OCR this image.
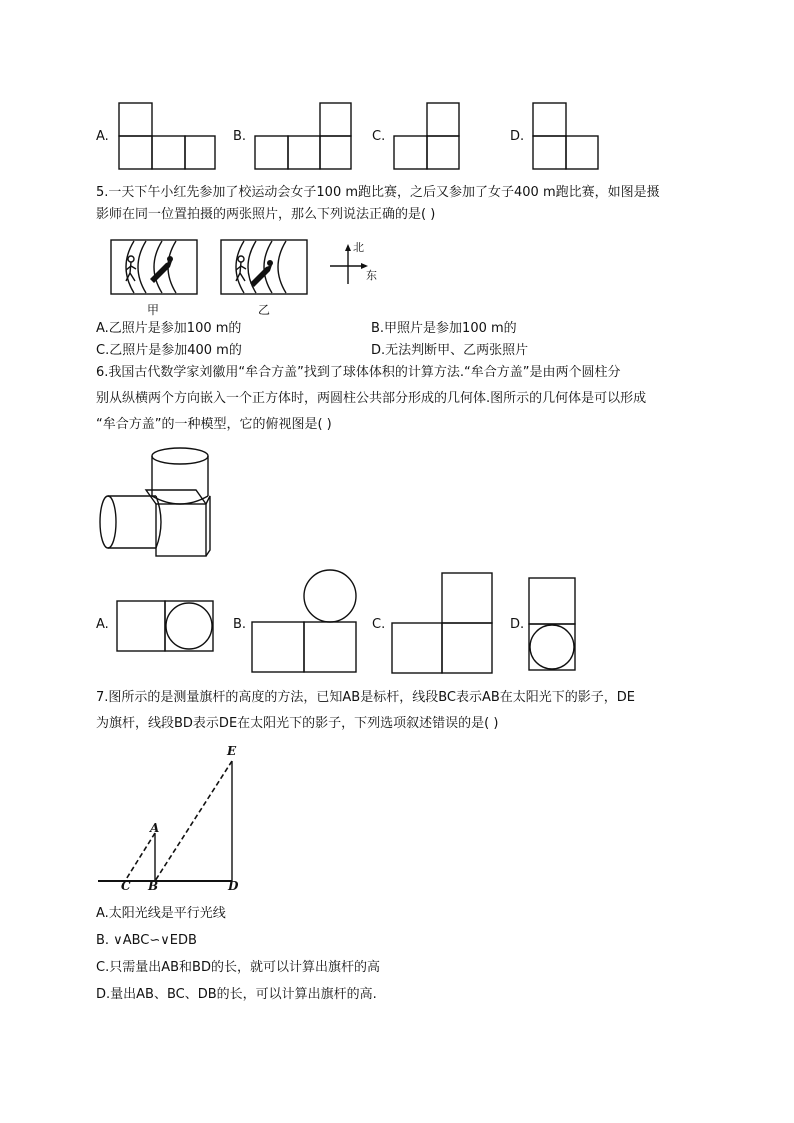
A.	B.	C.	D.
5.一天下午小红先参加了校运动会女子100 m跑比赛，之后又参加了女子400 m跑比赛，如图是摄
影师在同一位置拍摄的两张照片，那么下列说法正确的是( )
甲	乙
北
东
A.乙照片是参加100 m的	B.甲照片是参加100 m的
C.乙照片是参加400 m的	D.无法判断甲、乙两张照片
6.我国古代数学家刘徽用“牟合方盖”找到了球体体积的计算方法.“牟合方盖”是由两个圆柱分
别从纵横两个方向嵌入一个正方体时，两圆柱公共部分形成的几何体.图所示的几何体是可以形成
“牟合方盖”的一种模型，它的俯视图是( )
A.	B.	C.	D.
7.图所示的是测量旗杆的高度的方法，已知AB是标杆，线段BC表示AB在太阳光下的影子，DE
为旗杆，线段BD表示DE在太阳光下的影子，下列选项叙述错误的是( )
E
A
C B	D
A.太阳光线是平行光线
B. ∨ABC∽∨EDB
C.只需量出AB和BD的长，就可以计算出旗杆的高
D.量出AB、BC、DB的长，可以计算出旗杆的高.
